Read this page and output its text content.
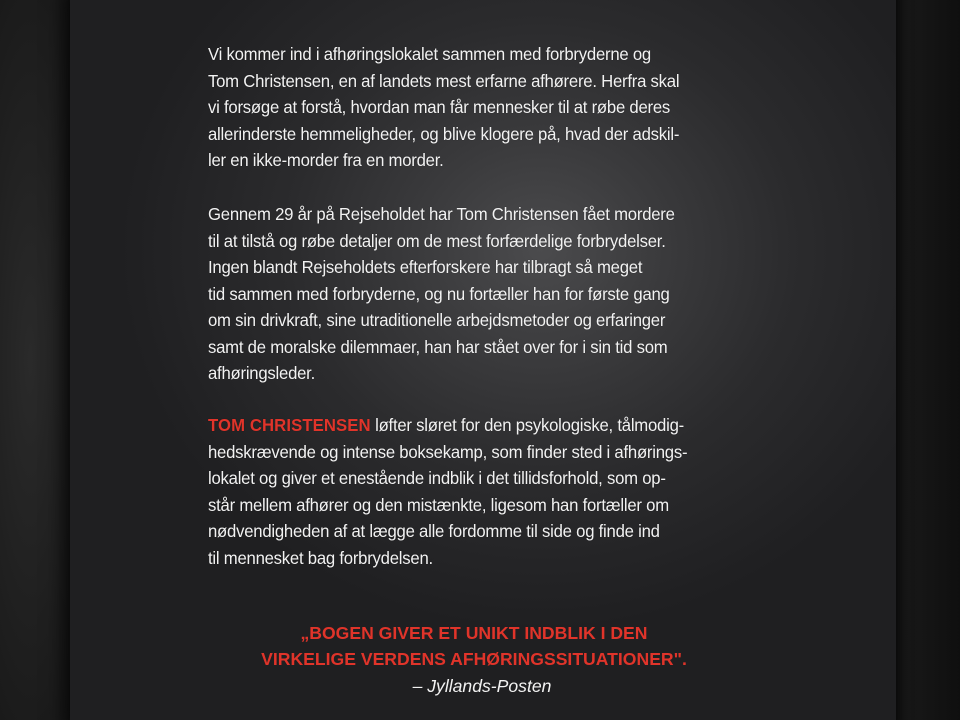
Vi kommer ind i afhøringslokalet sammen med forbryderne og
Tom Christensen, en af landets mest erfarne afhørere. Herfra skal
vi forsøge at forstå, hvordan man får mennesker til at røbe deres
allerinderste hemmeligheder, og blive klogere på, hvad der adskil-
ler en ikke-morder fra en morder.

Gennem 29 år på Rejseholdet har Tom Christensen fået mordere
til at tilstå og røbe detaljer om de mest forfærdelige forbrydelser.
Ingen blandt Rejseholdets efterforskere har tilbragt så meget
tid sammen med forbryderne, og nu fortæller han for første gang
om sin drivkraft, sine utraditionelle arbejdsmetoder og erfaringer
samt de moralske dilemmaer, han har stået over for i sin tid som
afhøringsleder.

TOM CHRISTENSEN løfter sløret for den psykologiske, tålmodig-
hedskrævende og intense boksekamp, som finder sted i afhørings-
lokalet og giver et enestående indblik i det tillidsforhold, som op-
står mellem afhører og den mistænkte, ligesom han fortæller om
nødvendigheden af at lægge alle fordomme til side og finde ind
til mennesket bag forbrydelsen.

„BOGEN GIVER ET UNIKT INDBLIK I DEN
VIRKELIGE VERDENS AFHØRINGSSITUATIONER".

– Jyllands-Posten
